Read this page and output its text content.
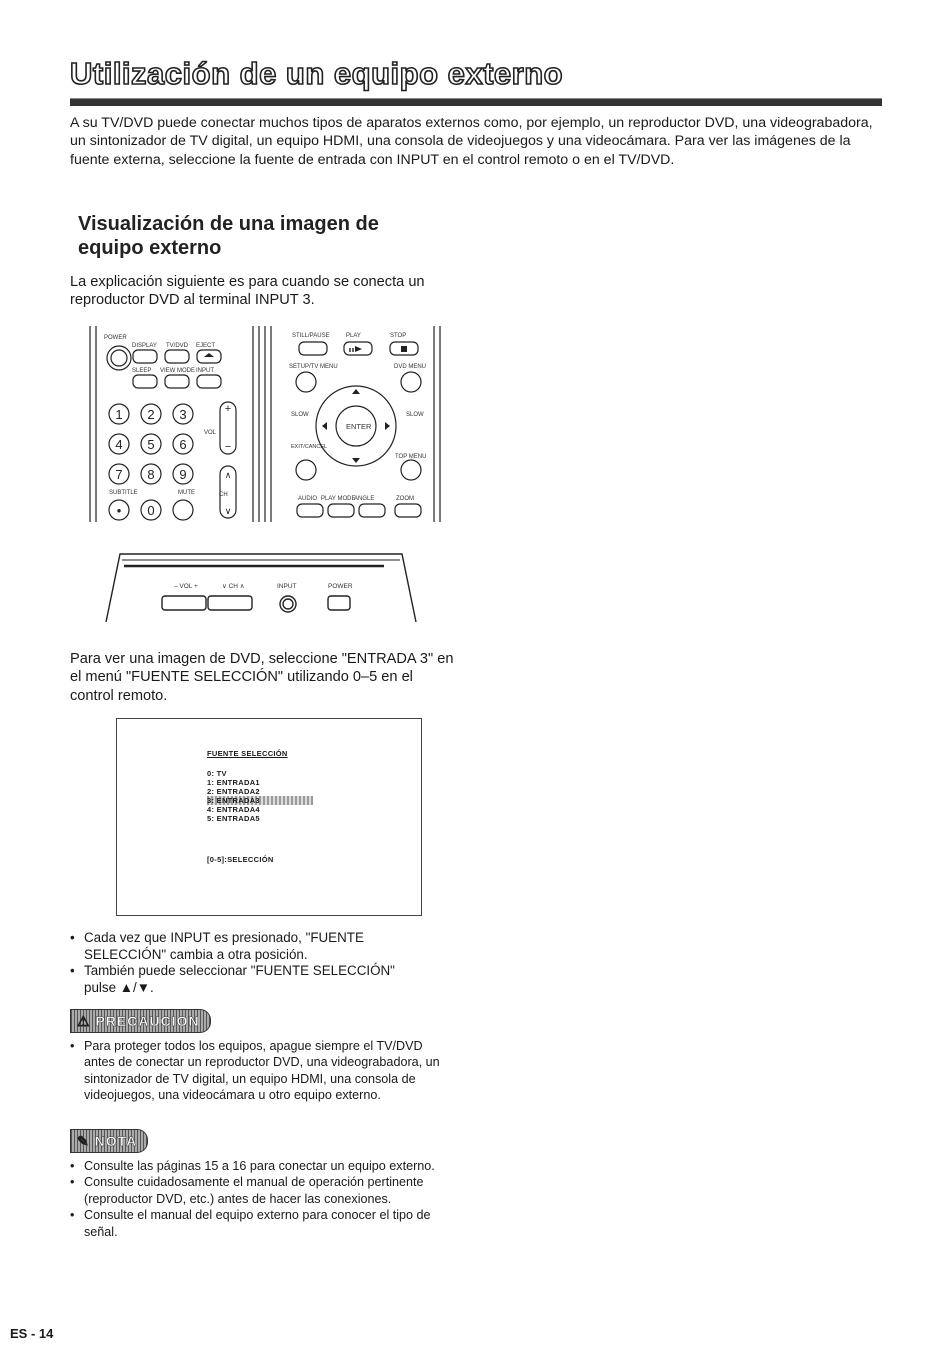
Utilización de un equipo externo
A su TV/DVD puede conectar muchos tipos de aparatos externos como, por ejemplo, un reproductor DVD, una videograbadora, un sintonizador de TV digital, un equipo HDMI, una consola de videojuegos y una videocámara. Para ver las imágenes de la fuente externa, seleccione la fuente de entrada con INPUT en el control remoto o en el TV/DVD.
Visualización de una imagen de
equipo externo
La explicación siguiente es para cuando se conecta un reproductor DVD al terminal INPUT 3.
POWER
DISPLAY TV/DVD EJECT
SLEEP VIEW MODE INPUT
VOL
SUBTITLE	MUTE	CH
STILL/PAUSE	PLAY	STOP
SETUP/TV MENU	DVD MENU
SLOW	SLOW
ENTER
EXIT/CANCEL
TOP MENU
AUDIO PLAY MODE
ANGLE	ZOOM
+
−
∧
∨
1 2 3
4 5 6
7 8 9
• 0
– VOL +	∨ CH ∧	INPUT	POWER
Para ver una imagen de DVD, seleccione "ENTRADA 3" en el menú "FUENTE SELECCIÓN" utilizando 0–5 en el control remoto.
FUENTE SELECCIÓN
0: TV
1: ENTRADA1
2: ENTRADA2
3: ENTRADA3
4: ENTRADA4
5: ENTRADA5
[0-5]:SELECCIÓN
• Cada vez que INPUT es presionado, "FUENTE SELECCIÓN" cambia a otra posición.
• También puede seleccionar "FUENTE SELECCIÓN" pulse ▲/▼.
⚠ PRECAUCION
• Para proteger todos los equipos, apague siempre el TV/DVD antes de conectar un reproductor DVD, una videograbadora, un sintonizador de TV digital, un equipo HDMI, una consola de videojuegos, una videocámara u otro equipo externo.
✎ NOTA
• Consulte las páginas 15 a 16 para conectar un equipo externo.
• Consulte cuidadosamente el manual de operación pertinente (reproductor DVD, etc.) antes de hacer las conexiones.
• Consulte el manual del equipo externo para conocer el tipo de señal.
ES - 14
